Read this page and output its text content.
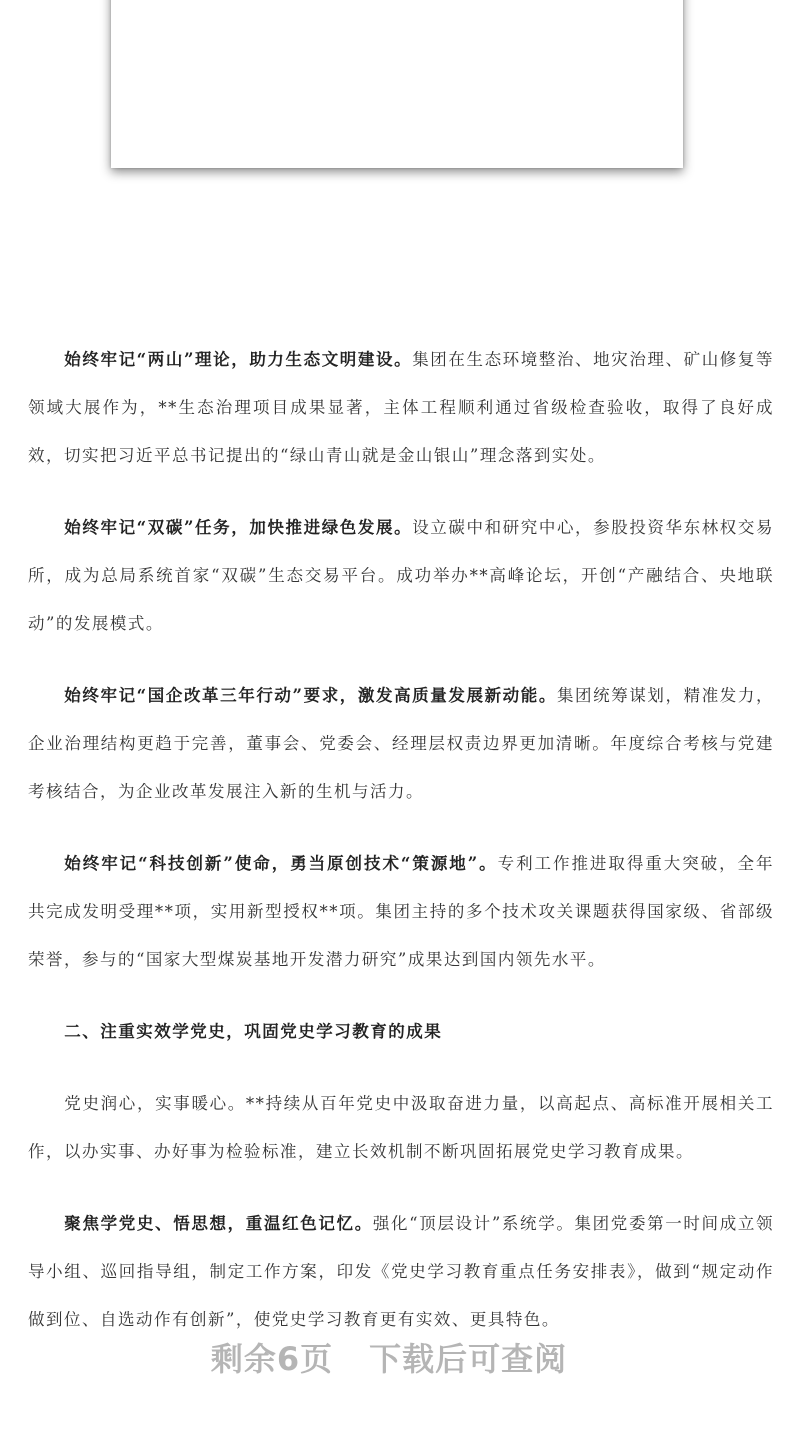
始终牢记“两山”理论，助力生态文明建设。集团在生态环境整治、地灾治理、矿山修复等领域大展作为，**生态治理项目成果显著，主体工程顺利通过省级检查验收，取得了良好成效，切实把习近平总书记提出的“绿山青山就是金山银山”理念落到实处。

始终牢记“双碳”任务，加快推进绿色发展。设立碳中和研究中心，参股投资华东林权交易所，成为总局系统首家“双碳”生态交易平台。成功举办**高峰论坛，开创“产融结合、央地联动”的发展模式。

始终牢记“国企改革三年行动”要求，激发高质量发展新动能。集团统筹谋划，精准发力，企业治理结构更趋于完善，董事会、党委会、经理层权责边界更加清晰。年度综合考核与党建考核结合，为企业改革发展注入新的生机与活力。

始终牢记“科技创新”使命，勇当原创技术“策源地”。专利工作推进取得重大突破，全年共完成发明受理**项，实用新型授权**项。集团主持的多个技术攻关课题获得国家级、省部级荣誉，参与的“国家大型煤炭基地开发潜力研究”成果达到国内领先水平。

二、注重实效学党史，巩固党史学习教育的成果

党史润心，实事暖心。**持续从百年党史中汲取奋进力量，以高起点、高标准开展相关工作，以办实事、办好事为检验标准，建立长效机制不断巩固拓展党史学习教育成果。

聚焦学党史、悟思想，重温红色记忆。强化“顶层设计”系统学。集团党委第一时间成立领导小组、巡回指导组，制定工作方案，印发《党史学习教育重点任务安排表》，做到“规定动作做到位、自选动作有创新”，使党史学习教育更有实效、更具特色。

剩余6页 下载后可查阅
